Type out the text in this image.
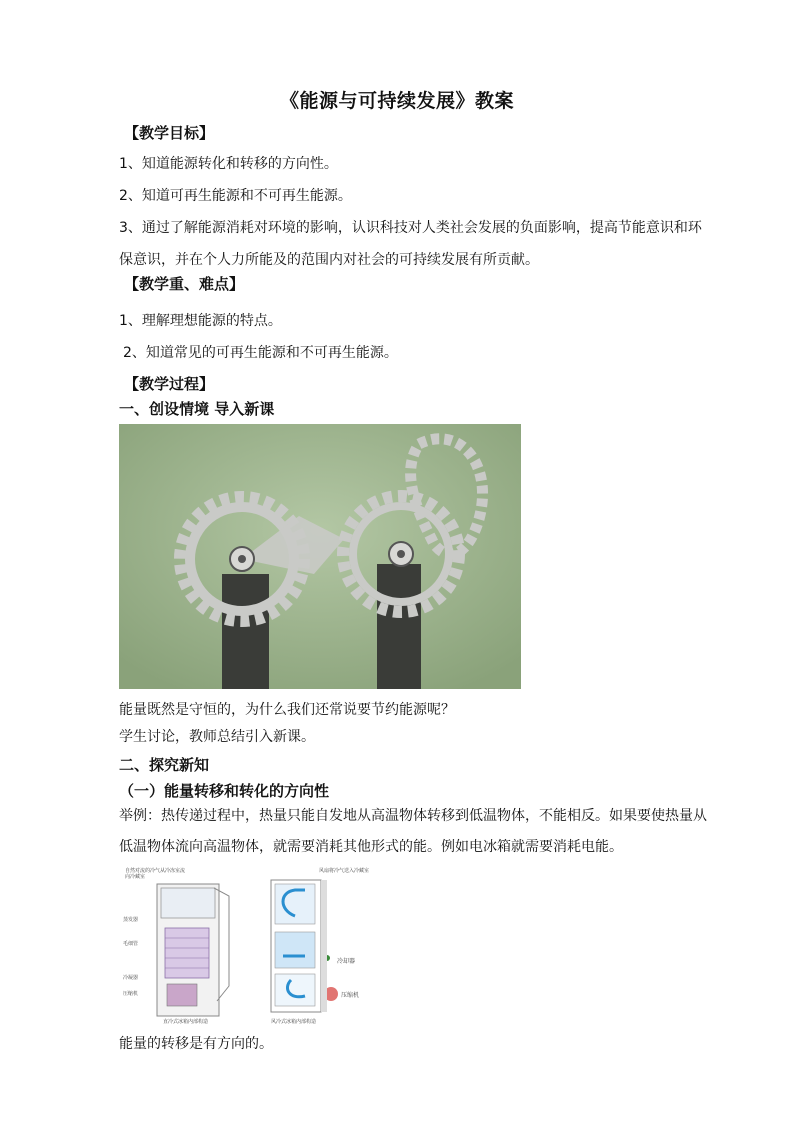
《能源与可持续发展》教案
【教学目标】
1、知道能源转化和转移的方向性。
2、知道可再生能源和不可再生能源。
3、通过了解能源消耗对环境的影响，认识科技对人类社会发展的负面影响，提高节能意识和环保意识，并在个人力所能及的范围内对社会的可持续发展有所贡献。
【教学重、难点】
1、理解理想能源的特点。
2、知道常见的可再生能源和不可再生能源。
【教学过程】
一、创设情境 导入新课
能量既然是守恒的，为什么我们还常说要节约能源呢？
学生讨论，教师总结引入新课。
二、探究新知
（一）能量转移和转化的方向性
举例：热传递过程中，热量只能自发地从高温物体转移到低温物体，不能相反。如果要使热量从低温物体流向高温物体，就需要消耗其他形式的能。例如电冰箱就需要消耗电能。
自然对流的冷气从冷冻室流向冷藏室
蒸发器
毛细管
冷凝器
压缩机
直冷式冰箱内部构造
风扇将冷气送入冷藏室
冷却器
压缩机
风冷式冰箱内部构造
能量的转移是有方向的。
